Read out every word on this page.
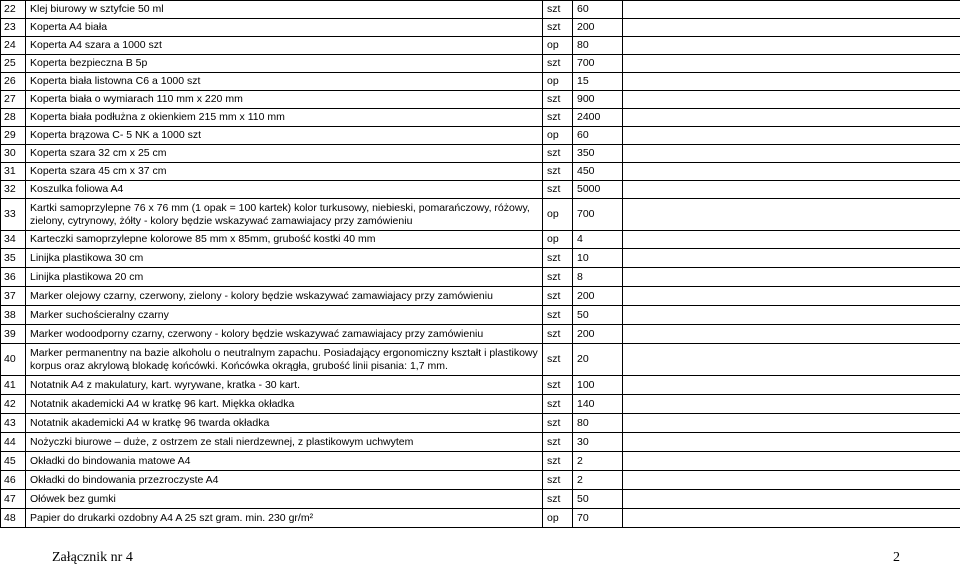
22	Klej biurowy w sztyfcie 50 ml	szt	60	
23	Koperta A4 biała	szt	200	
24	Koperta A4 szara a 1000 szt	op	80	
25	Koperta bezpieczna B 5p	szt	700	
26	Koperta biała listowna C6 a 1000 szt	op	15	
27	Koperta biała o wymiarach 110 mm x 220 mm	szt	900	
28	Koperta biała podłużna z okienkiem 215 mm x 110 mm	szt	2400	
29	Koperta brązowa C- 5 NK a 1000 szt	op	60	
30	Koperta szara 32 cm x 25 cm	szt	350	
31	Koperta szara 45 cm x 37 cm	szt	450	
32	Koszulka foliowa A4	szt	5000	
33	Kartki samoprzylepne 76 x 76 mm (1 opak = 100 kartek) kolor turkusowy, niebieski, pomarańczowy, różowy, zielony, cytrynowy, żółty - kolory będzie wskazywać zamawiajacy przy zamówieniu	op	700	
34	Karteczki samoprzylepne kolorowe 85 mm x 85mm, grubość kostki 40 mm	op	4	
35	Linijka plastikowa 30 cm	szt	10	
36	Linijka plastikowa 20 cm	szt	8	
37	Marker olejowy czarny, czerwony, zielony - kolory będzie wskazywać zamawiajacy przy zamówieniu	szt	200	
38	Marker suchościeralny czarny	szt	50	
39	Marker wodoodporny czarny, czerwony - kolory będzie wskazywać zamawiajacy przy zamówieniu	szt	200	
40	Marker permanentny na bazie alkoholu o neutralnym zapachu. Posiadający ergonomiczny kształt i plastikowy korpus oraz akrylową blokadę końcówki. Końcówka okrągła, grubość linii pisania: 1,7 mm.	szt	20	
41	Notatnik A4 z makulatury, kart. wyrywane, kratka - 30 kart.	szt	100	
42	Notatnik akademicki A4 w kratkę 96 kart. Miękka okładka	szt	140	
43	Notatnik akademicki A4 w kratkę 96 twarda okładka	szt	80	
44	Nożyczki biurowe – duże, z ostrzem ze stali nierdzewnej, z plastikowym uchwytem	szt	30	
45	Okładki do bindowania matowe A4	szt	2	
46	Okładki do bindowania przezroczyste A4	szt	2	
47	Ołówek bez gumki	szt	50	
48	Papier do drukarki ozdobny A4 A 25 szt gram. min. 230 gr/m²	op	70	
Załącznik nr 4	2
